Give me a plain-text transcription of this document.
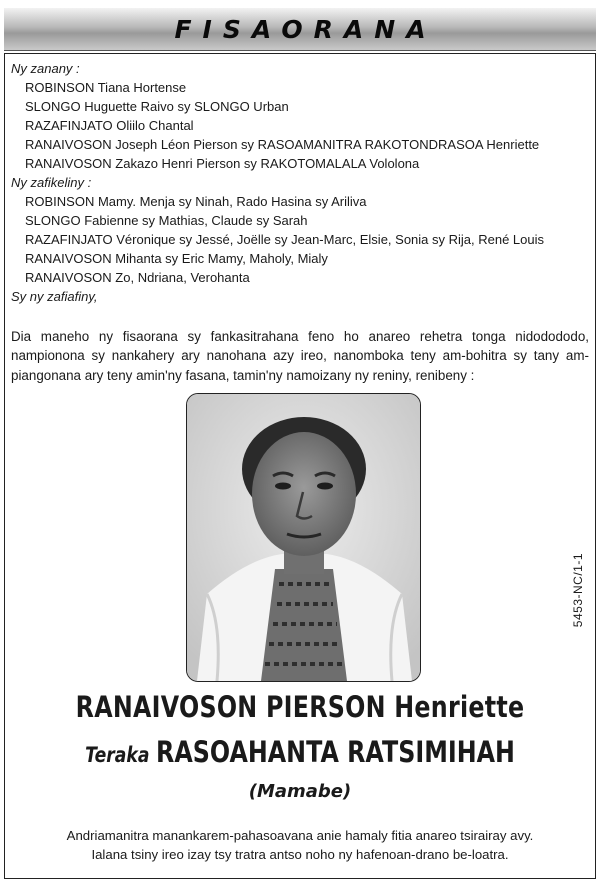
FISAORANA
Ny zanany :
ROBINSON Tiana Hortense
SLONGO Huguette Raivo sy SLONGO Urban
RAZAFINJATO Oliilo Chantal
RANAIVOSON Joseph Léon Pierson sy RASOAMANITRA RAKOTONDRASOA Henriette
RANAIVOSON Zakazo Henri Pierson sy RAKOTOMALALA Vololona
Ny zafikeliny :
ROBINSON Mamy. Menja sy Ninah, Rado Hasina sy Ariliva
SLONGO Fabienne sy Mathias, Claude sy Sarah
RAZAFINJATO Véronique sy Jessé, Joëlle sy Jean-Marc, Elsie, Sonia sy Rija, René Louis
RANAIVOSON Mihanta sy Eric Mamy, Maholy, Mialy
RANAIVOSON Zo, Ndriana, Verohanta
Sy ny zafiafiny,
Dia maneho ny fisaorana sy fankasitrahana feno ho anareo rehetra tonga nidodododo, nampionona sy nankahery ary nanohana azy ireo, nanomboka teny am-bohitra sy tany am-piangonana ary teny amin'ny fasana, tamin'ny namoizany ny reniny, renibeny :
5453-NC/1-1
RANAIVOSON PIERSON Henriette
Teraka RASOAHANTA RATSIMIHAH
(Mamabe)
Andriamanitra manankarem-pahasoavana anie hamaly fitia anareo tsirairay avy.
Ialana tsiny ireo izay tsy tratra antso noho ny hafenoan-drano be-loatra.
